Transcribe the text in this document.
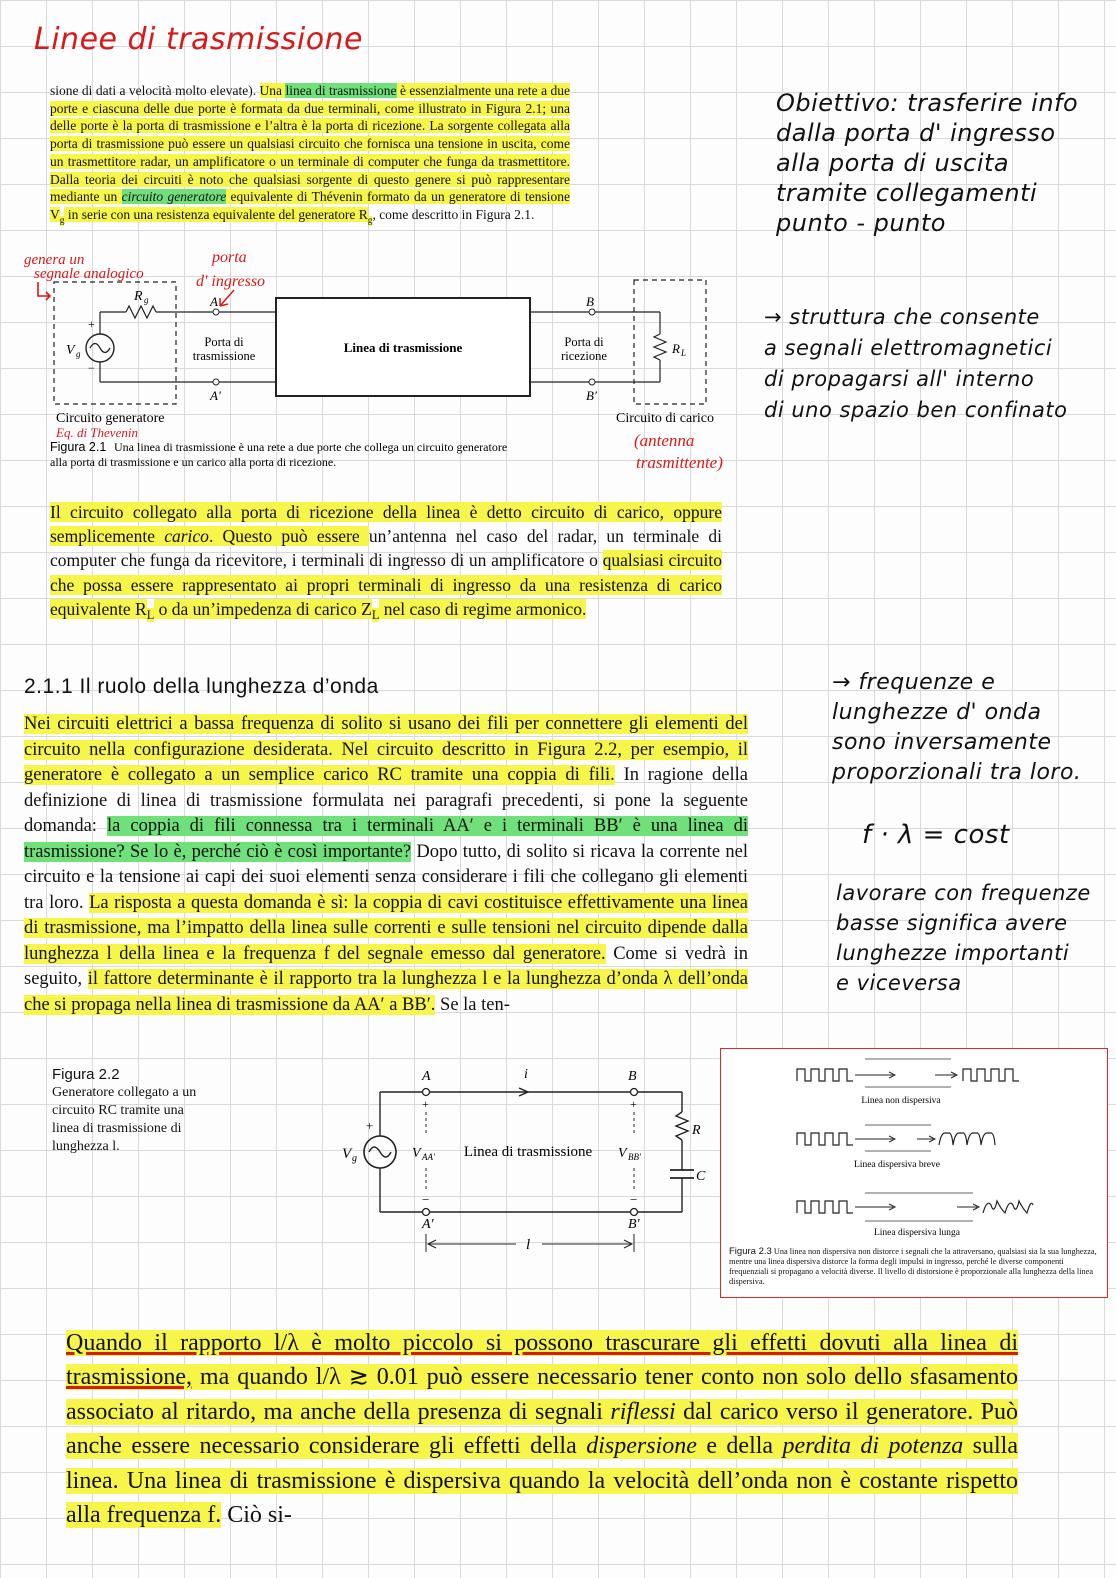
Linee di trasmissione
sione di dati a velocità molto elevate). Una linea di trasmissione è essenzialmente una rete a due porte e ciascuna delle due porte è formata da due terminali, come illustrato in Figura 2.1; una delle porte è la porta di trasmissione e l’altra è la porta di ricezione. La sorgente collegata alla porta di trasmissione può essere un qualsiasi circuito che fornisca una tensione in uscita, come un trasmettitore radar, un amplificatore o un terminale di computer che funga da trasmettitore. Dalla teoria dei circuiti è noto che qualsiasi sorgente di questo genere si può rappresentare mediante un circuito generatore equivalente di Thévenin formato da un generatore di tensione $V_g$ in serie con una resistenza equivalente del generatore $R_g$, come descritto in Figura 2.1.
genera un
segnale analogico
porta
d' ingresso
R g
V g
+
−
A
A'
Porta di
trasmissione
Linea di trasmissione
B
B'
Porta di
ricezione	R L
Circuito generatore	Circuito di carico
Eq. di Thevenin	(antenna
trasmittente)
Figura 2.1 Una linea di trasmissione è una rete a due porte che collega un circuito generatore
alla porta di trasmissione e un carico alla porta di ricezione.
Il circuito collegato alla porta di ricezione della linea è detto circuito di carico, oppure semplicemente carico. Questo può essere un’antenna nel caso del radar, un terminale di computer che funga da ricevitore, i terminali di ingresso di un amplificatore o qualsiasi circuito che possa essere rappresentato ai propri terminali di ingresso da una resistenza di carico equivalente $R_L$ o da un’impedenza di carico $Z_L$ nel caso di regime armonico.
2.1.1 Il ruolo della lunghezza d’onda
Nei circuiti elettrici a bassa frequenza di solito si usano dei fili per connettere gli elementi del circuito nella configurazione desiderata. Nel circuito descritto in Figura 2.2, per esempio, il generatore è collegato a un semplice carico RC tramite una coppia di fili. In ragione della definizione di linea di trasmissione formulata nei paragrafi precedenti, si pone la seguente domanda: la coppia di fili connessa tra i terminali AA′ e i terminali BB′ è una linea di trasmissione? Se lo è, perché ciò è così importante? Dopo tutto, di solito si ricava la corrente nel circuito e la tensione ai capi dei suoi elementi senza considerare i fili che collegano gli elementi tra loro. La risposta a questa domanda è sì: la coppia di cavi costituisce effettivamente una linea di trasmissione, ma l’impatto della linea sulle correnti e sulle tensioni nel circuito dipende dalla lunghezza l della linea e la frequenza f del segnale emesso dal generatore. Come si vedrà in seguito, il fattore determinante è il rapporto tra la lunghezza l e la lunghezza d’onda λ dell’onda che si propaga nella linea di trasmissione da AA′ a BB′. Se la ten-
Figura 2.2
Generatore collegato a un
circuito RC tramite una
linea di trasmissione di
lunghezza l.
A	B
i
V g
+
+
V AA'
−
Linea di trasmissione
+
V BB'
−
R
C
A'	B'
l
Linea non dispersiva
Linea dispersiva breve
Linea dispersiva lunga
Figura 2.3 Una linea non dispersiva non distorce i segnali che la attraversano, qualsiasi sia la sua lunghezza, mentre una linea dispersiva distorce la forma degli impulsi in ingresso, perché le diverse componenti frequenziali si propagano a velocità diverse. Il livello di distorsione è proporzionale alla lunghezza della linea dispersiva.
Quando il rapporto l/λ è molto piccolo si possono trascurare gli effetti dovuti alla linea di trasmissione, ma quando l/λ ≳ 0.01 può essere necessario tener conto non solo dello sfasamento associato al ritardo, ma anche della presenza di segnali riflessi dal carico verso il generatore. Può anche essere necessario considerare gli effetti della dispersione e della perdita di potenza sulla linea. Una linea di trasmissione è dispersiva quando la velocità dell’onda non è costante rispetto alla frequenza f. Ciò si-
Obiettivo: trasferire info
dalla porta d' ingresso
alla porta di uscita
tramite collegamenti
punto - punto
→ struttura che consente
a segnali elettromagnetici
di propagarsi all' interno
di uno spazio ben confinato
→ frequenze e
lunghezze d' onda
sono inversamente
proporzionali tra loro.
f · λ = cost
lavorare con frequenze
basse significa avere
lunghezze importanti
e viceversa
